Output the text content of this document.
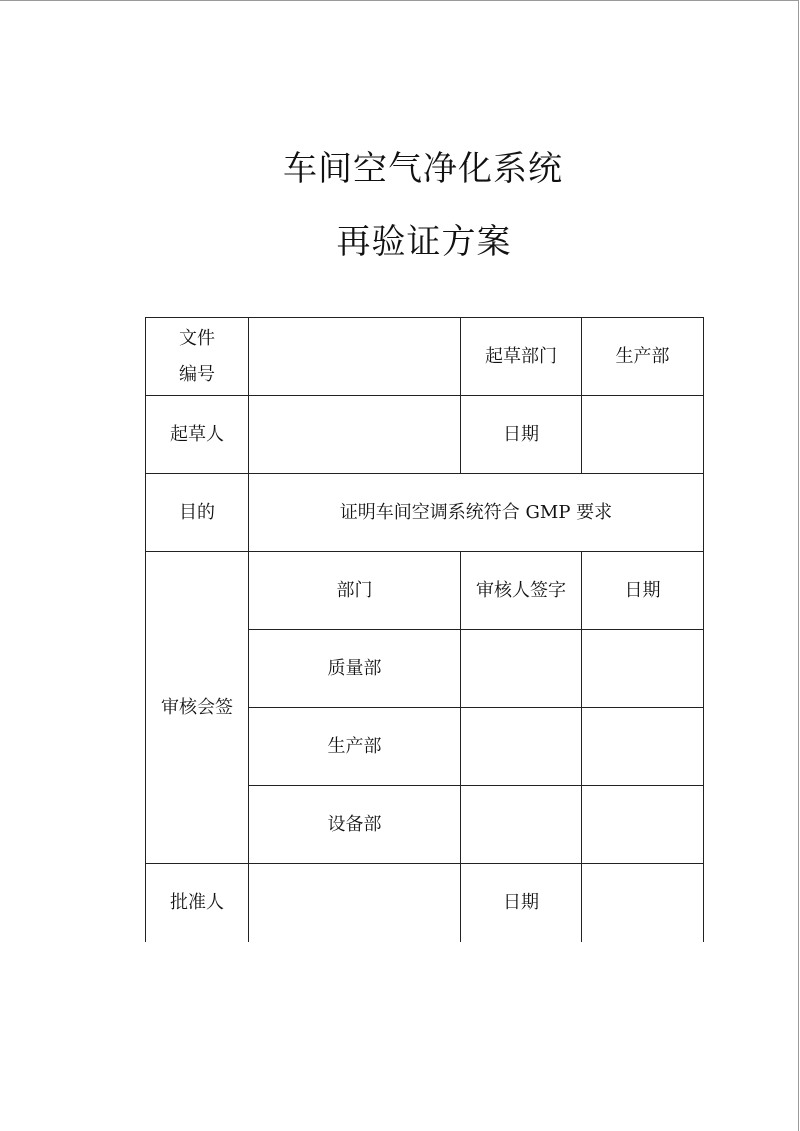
车间空气净化系统
再验证方案
文件
编号		起草部门	生产部
起草人		日期	
目的	证明车间空调系统符合 GMP 要求		
审核会签	部门	审核人签字	日期
	质量部		
	生产部		
	设备部		
批准人		日期	
